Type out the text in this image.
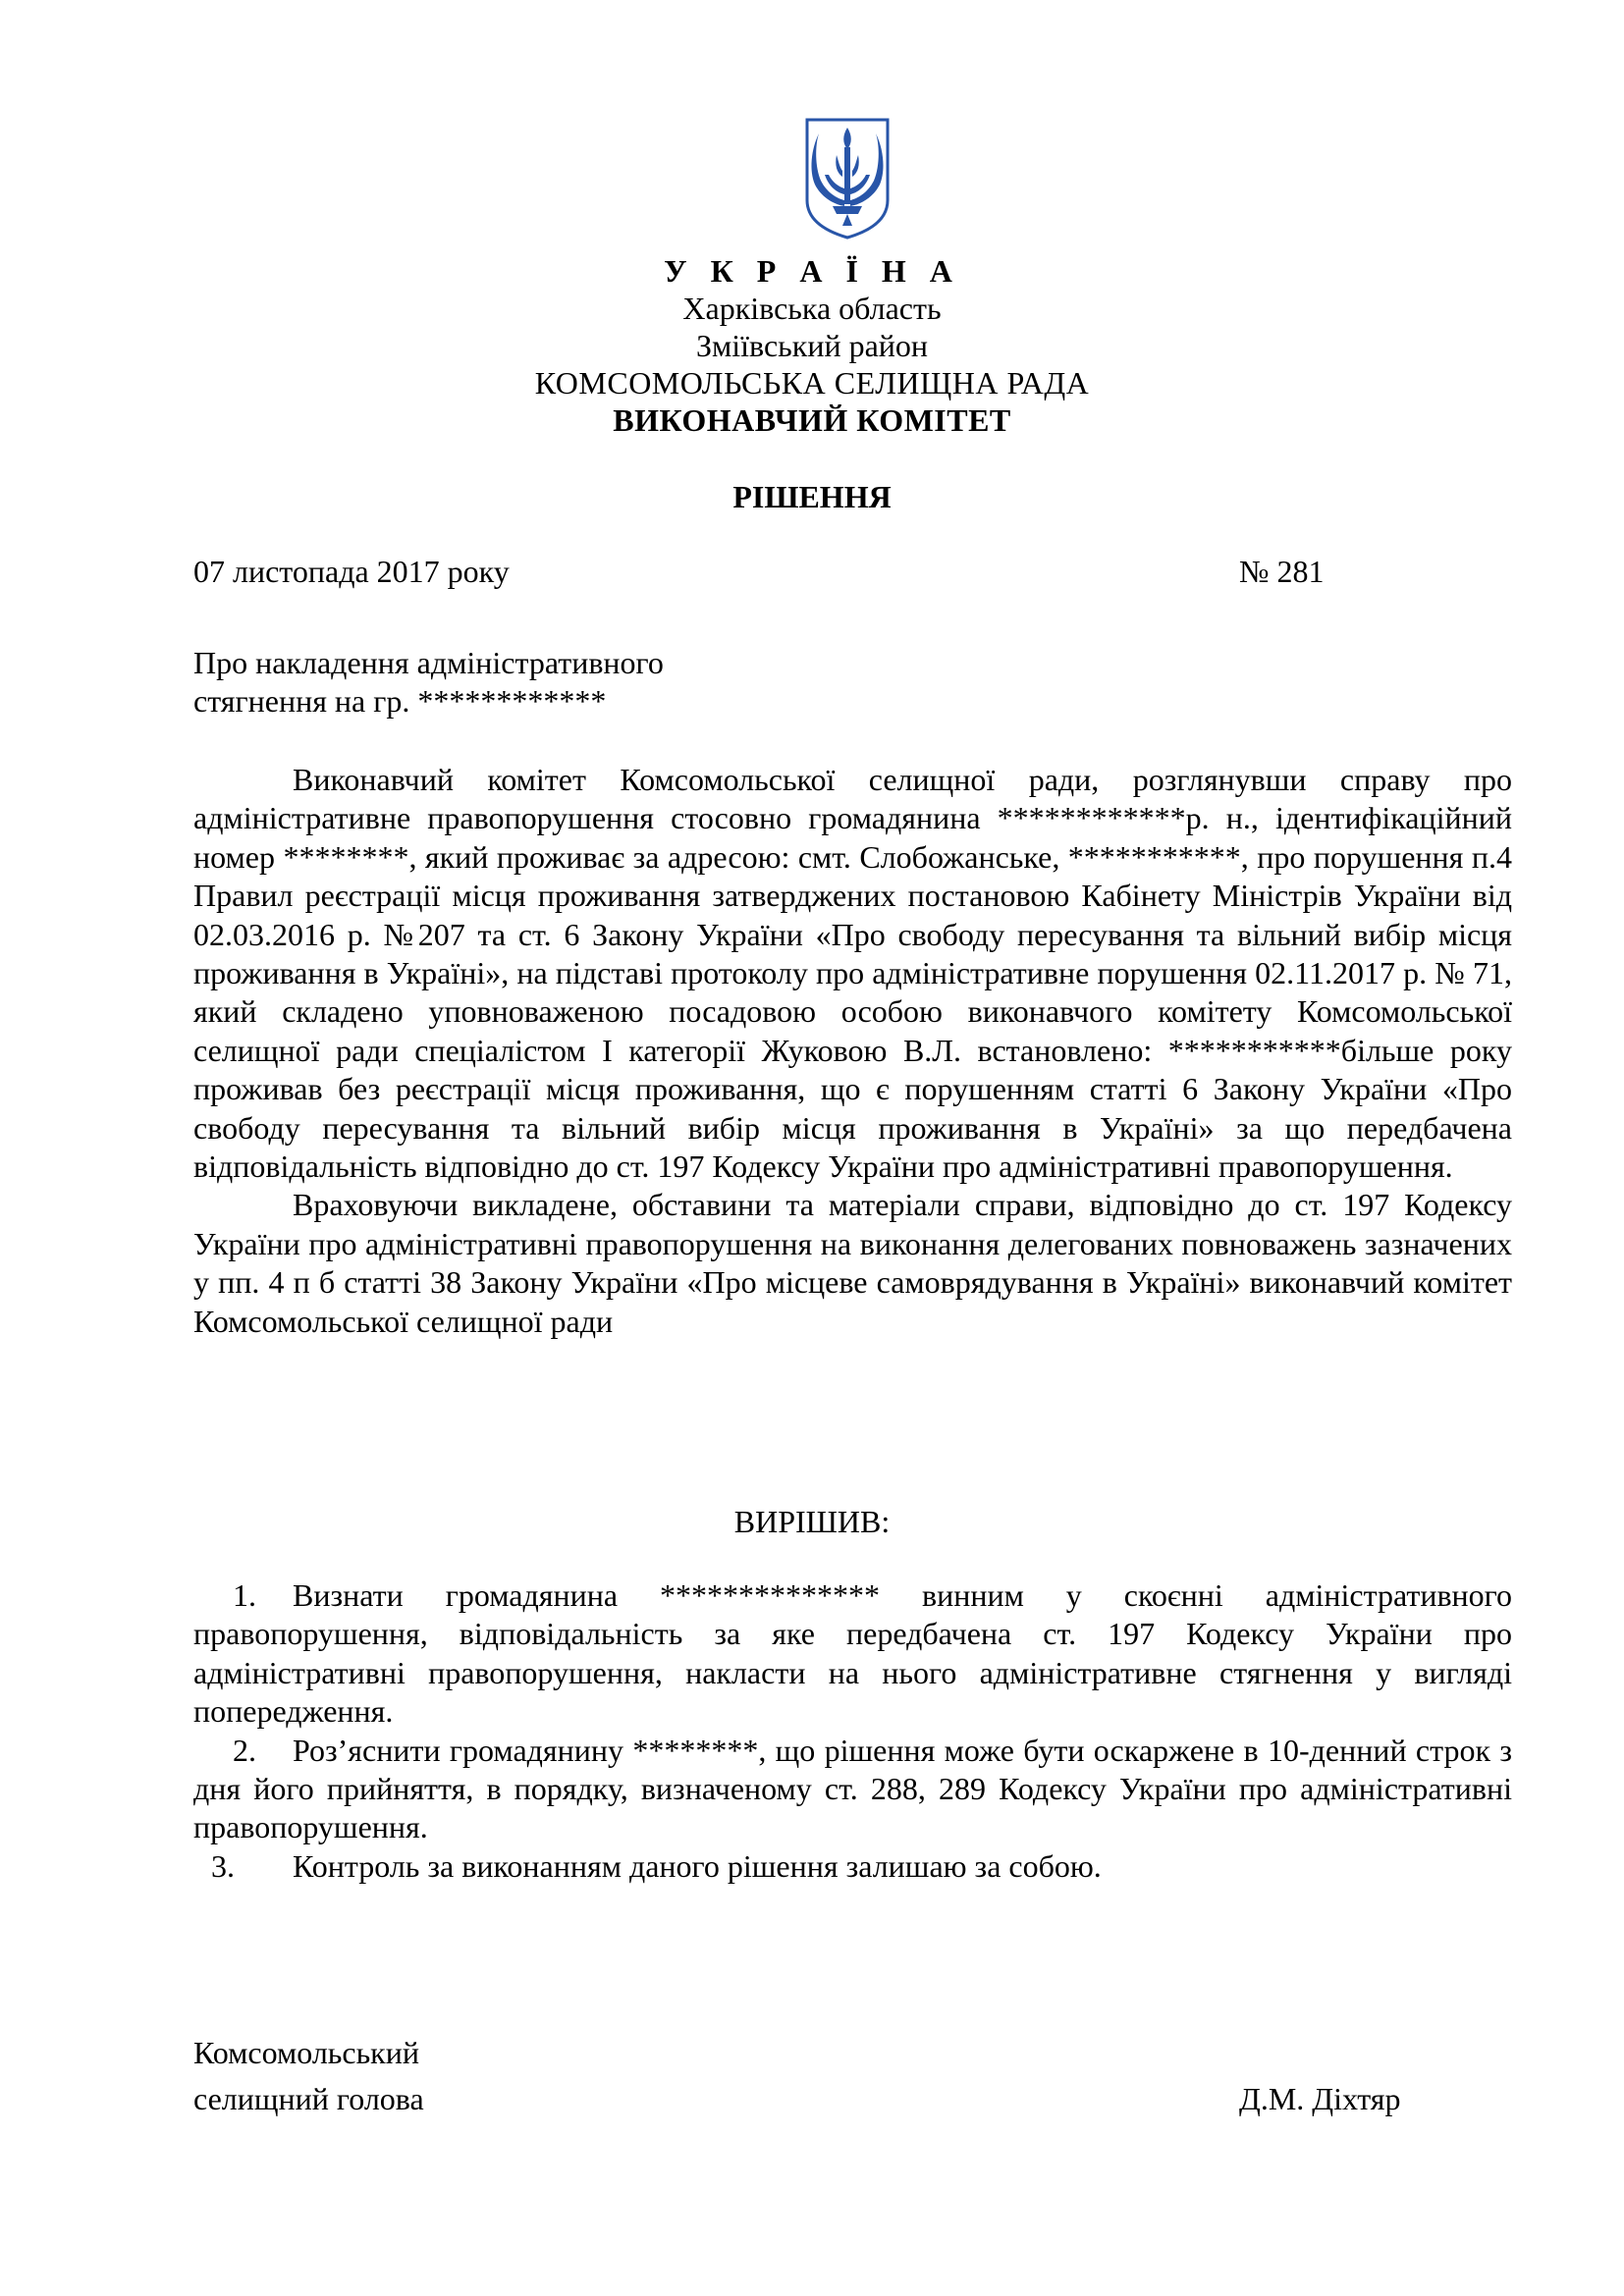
У К Р А Ї Н А
Харківська область
Зміївський район
КОМСОМОЛЬСЬКА СЕЛИЩНА РАДА
ВИКОНАВЧИЙ КОМІТЕТ
РІШЕННЯ
07 листопада 2017 року	№ 281
Про накладення адміністративного
стягнення на гр. ************

Виконавчий комітет Комсомольської селищної ради, розглянувши справу про адміністративне правопорушення стосовно громадянина ************р. н., ідентифікаційний номер ********, який проживає за адресою: смт. Слобожанське, ***********, про порушення п.4 Правил реєстрації місця проживання затверджених постановою Кабінету Міністрів України від 02.03.2016 р. №207 та ст. 6 Закону України «Про свободу пересування та вільний вибір місця проживання в Україні», на підставі протоколу про адміністративне порушення 02.11.2017 р. № 71, який складено уповноваженою посадовою особою виконавчого комітету Комсомольської селищної ради спеціалістом І категорії Жуковою В.Л. встановлено: ***********більше року проживав без реєстрації місця проживання, що є порушенням статті 6 Закону України «Про свободу пересування та вільний вибір місця проживання в Україні» за що передбачена відповідальність відповідно до ст. 197 Кодексу України про адміністративні правопорушення.

Враховуючи викладене, обставини та матеріали справи, відповідно до ст. 197 Кодексу України про адміністративні правопорушення на виконання делегованих повноважень зазначених у пп. 4 п б статті 38 Закону України «Про місцеве самоврядування в Україні» виконавчий комітет Комсомольської селищної ради

ВИРІШИВ:
1. Визнати громадянина ************** винним у скоєнні адміністративного правопорушення, відповідальність за яке передбачена ст. 197 Кодексу України про адміністративні правопорушення, накласти на нього адміністративне стягнення у вигляді попередження.
2. Роз’яснити громадянину ********, що рішення може бути оскаржене в 10-денний строк з дня його прийняття, в порядку, визначеному ст. 288, 289 Кодексу України про адміністративні правопорушення.
3. Контроль за виконанням даного рішення залишаю за собою.
Комсомольський
селищний голова	Д.М. Діхтяр
